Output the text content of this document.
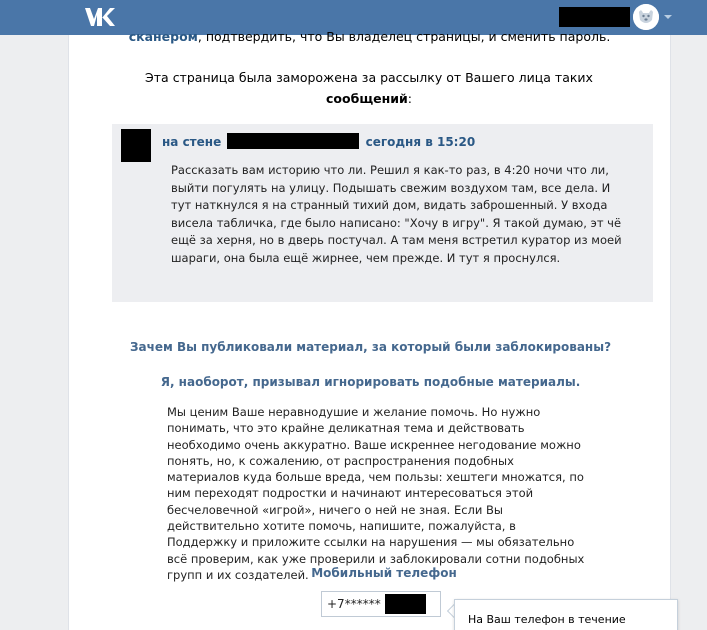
сканером, подтвердить, что Вы владелец страницы, и сменить пароль.
Эта страница была заморожена за рассылку от Вашего лица таких
сообщений:
на стене	сегодня в 15:20
Рассказать вам историю что ли. Решил я как-то раз, в 4:20 ночи что ли, выйти погулять на улицу. Подышать свежим воздухом там, все дела. И тут наткнулся я на странный тихий дом, видать заброшенный. У входа висела табличка, где было написано: "Хочу в игру". Я такой думаю, эт чё ещё за херня, но в дверь постучал. А там меня встретил куратор из моей шараги, она была ещё жирнее, чем прежде. И тут я проснулся.
Зачем Вы публиковали материал, за который были заблокированы?
Я, наоборот, призывал игнорировать подобные материалы.
Мы ценим Ваше неравнодушие и желание помочь. Но нужно понимать, что это крайне деликатная тема и действовать необходимо очень аккуратно. Ваше искреннее негодование можно понять, но, к сожалению, от распространения подобных материалов куда больше вреда, чем пользы: хештеги множатся, по ним переходят подростки и начинают интересоваться этой бесчеловечной «игрой», ничего о ней не зная. Если Вы действительно хотите помочь, напишите, пожалуйста, в Поддержку и приложите ссылки на нарушения — мы обязательно всё проверим, как уже проверили и заблокировали сотни подобных групп и их создателей. Мобильный телефон
+7******
На Ваш телефон в течение
